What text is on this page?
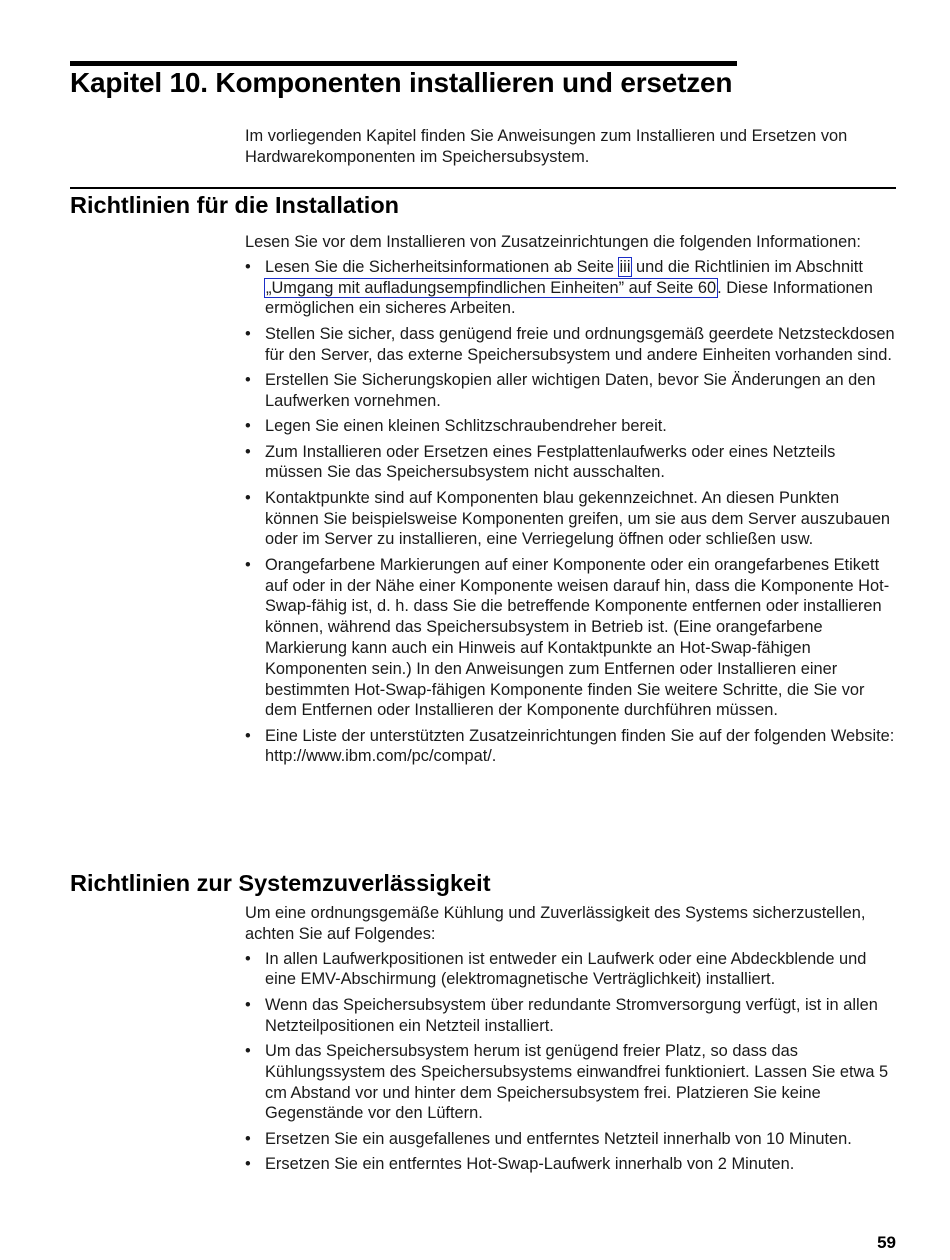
Kapitel 10. Komponenten installieren und ersetzen

Im vorliegenden Kapitel finden Sie Anweisungen zum Installieren und Ersetzen von Hardwarekomponenten im Speichersubsystem.

Richtlinien für die Installation

Lesen Sie vor dem Installieren von Zusatzeinrichtungen die folgenden Informationen:

• Lesen Sie die Sicherheitsinformationen ab Seite iii und die Richtlinien im Abschnitt „Umgang mit aufladungsempfindlichen Einheiten” auf Seite 60. Diese Informationen ermöglichen ein sicheres Arbeiten.
• Stellen Sie sicher, dass genügend freie und ordnungsgemäß geerdete Netzsteckdosen für den Server, das externe Speichersubsystem und andere Einheiten vorhanden sind.
• Erstellen Sie Sicherungskopien aller wichtigen Daten, bevor Sie Änderungen an den Laufwerken vornehmen.
• Legen Sie einen kleinen Schlitzschraubendreher bereit.
• Zum Installieren oder Ersetzen eines Festplattenlaufwerks oder eines Netzteils müssen Sie das Speichersubsystem nicht ausschalten.
• Kontaktpunkte sind auf Komponenten blau gekennzeichnet. An diesen Punkten können Sie beispielsweise Komponenten greifen, um sie aus dem Server auszubauen oder im Server zu installieren, eine Verriegelung öffnen oder schließen usw.
• Orangefarbene Markierungen auf einer Komponente oder ein orangefarbenes Etikett auf oder in der Nähe einer Komponente weisen darauf hin, dass die Komponente Hot-Swap-fähig ist, d. h. dass Sie die betreffende Komponente entfernen oder installieren können, während das Speichersubsystem in Betrieb ist. (Eine orangefarbene Markierung kann auch ein Hinweis auf Kontaktpunkte an Hot-Swap-fähigen Komponenten sein.) In den Anweisungen zum Entfernen oder Installieren einer bestimmten Hot-Swap-fähigen Komponente finden Sie weitere Schritte, die Sie vor dem Entfernen oder Installieren der Komponente durchführen müssen.
• Eine Liste der unterstützten Zusatzeinrichtungen finden Sie auf der folgenden Website: http://www.ibm.com/pc/compat/.
Richtlinien zur Systemzuverlässigkeit

Um eine ordnungsgemäße Kühlung und Zuverlässigkeit des Systems sicherzustellen, achten Sie auf Folgendes:

• In allen Laufwerkpositionen ist entweder ein Laufwerk oder eine Abdeckblende und eine EMV-Abschirmung (elektromagnetische Verträglichkeit) installiert.
• Wenn das Speichersubsystem über redundante Stromversorgung verfügt, ist in allen Netzteilpositionen ein Netzteil installiert.
• Um das Speichersubsystem herum ist genügend freier Platz, so dass das Kühlungssystem des Speichersubsystems einwandfrei funktioniert. Lassen Sie etwa 5 cm Abstand vor und hinter dem Speichersubsystem frei. Platzieren Sie keine Gegenstände vor den Lüftern.
• Ersetzen Sie ein ausgefallenes und entferntes Netzteil innerhalb von 10 Minuten.
• Ersetzen Sie ein entferntes Hot-Swap-Laufwerk innerhalb von 2 Minuten.
59
